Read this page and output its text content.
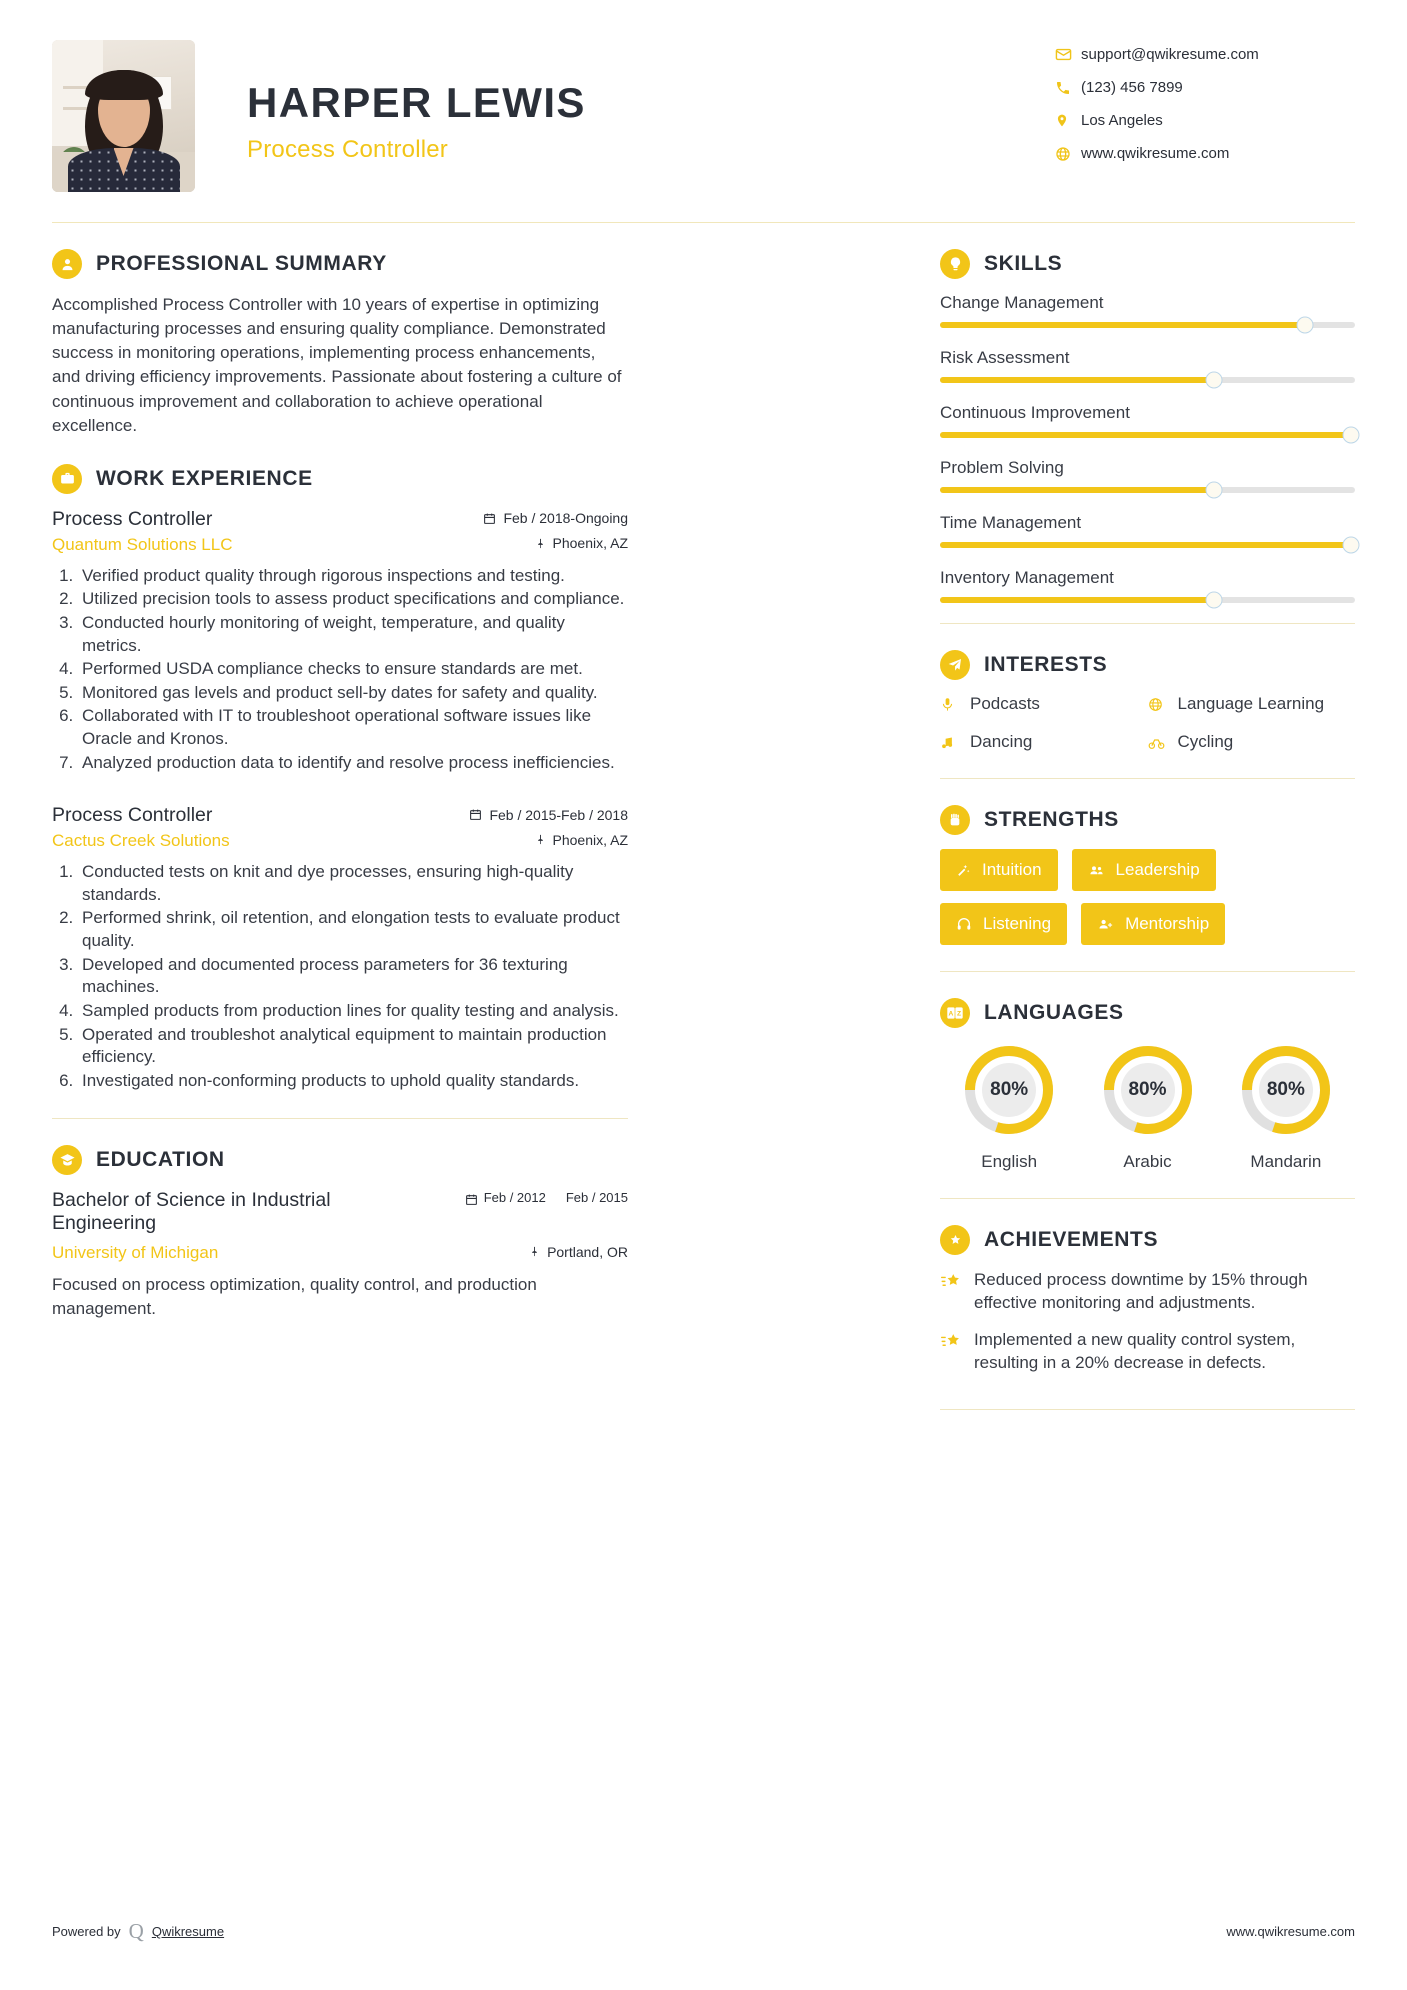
HARPER LEWIS
Process Controller
support@qwikresume.com
(123) 456 7899
Los Angeles
www.qwikresume.com
PROFESSIONAL SUMMARY
Accomplished Process Controller with 10 years of expertise in optimizing manufacturing processes and ensuring quality compliance. Demonstrated success in monitoring operations, implementing process enhancements, and driving efficiency improvements. Passionate about fostering a culture of continuous improvement and collaboration to achieve operational excellence.
WORK EXPERIENCE
Process Controller	Feb / 2018-Ongoing
Quantum Solutions LLC	Phoenix, AZ
1. Verified product quality through rigorous inspections and testing.
2. Utilized precision tools to assess product specifications and compliance.
3. Conducted hourly monitoring of weight, temperature, and quality metrics.
4. Performed USDA compliance checks to ensure standards are met.
5. Monitored gas levels and product sell-by dates for safety and quality.
6. Collaborated with IT to troubleshoot operational software issues like Oracle and Kronos.
7. Analyzed production data to identify and resolve process inefficiencies.
Process Controller	Feb / 2015-Feb / 2018
Cactus Creek Solutions	Phoenix, AZ
1. Conducted tests on knit and dye processes, ensuring high-quality standards.
2. Performed shrink, oil retention, and elongation tests to evaluate product quality.
3. Developed and documented process parameters for 36 texturing machines.
4. Sampled products from production lines for quality testing and analysis.
5. Operated and troubleshot analytical equipment to maintain production efficiency.
6. Investigated non-conforming products to uphold quality standards.
EDUCATION
Bachelor of Science in Industrial Engineering
Feb / 2012 Feb / 2015
University of Michigan	Portland, OR
Focused on process optimization, quality control, and production management.
SKILLS
Change Management
Risk Assessment
Continuous Improvement
Problem Solving
Time Management
Inventory Management
INTERESTS
Podcasts	Language Learning
Dancing	Cycling
STRENGTHS
Intuition	Leadership
Listening	Mentorship
A Z LANGUAGES
80%
English
80%
Arabic
80%
Mandarin
ACHIEVEMENTS
Reduced process downtime by 15% through effective monitoring and adjustments.
Implemented a new quality control system, resulting in a 20% decrease in defects.
Powered by Q Qwikresume	www.qwikresume.com
